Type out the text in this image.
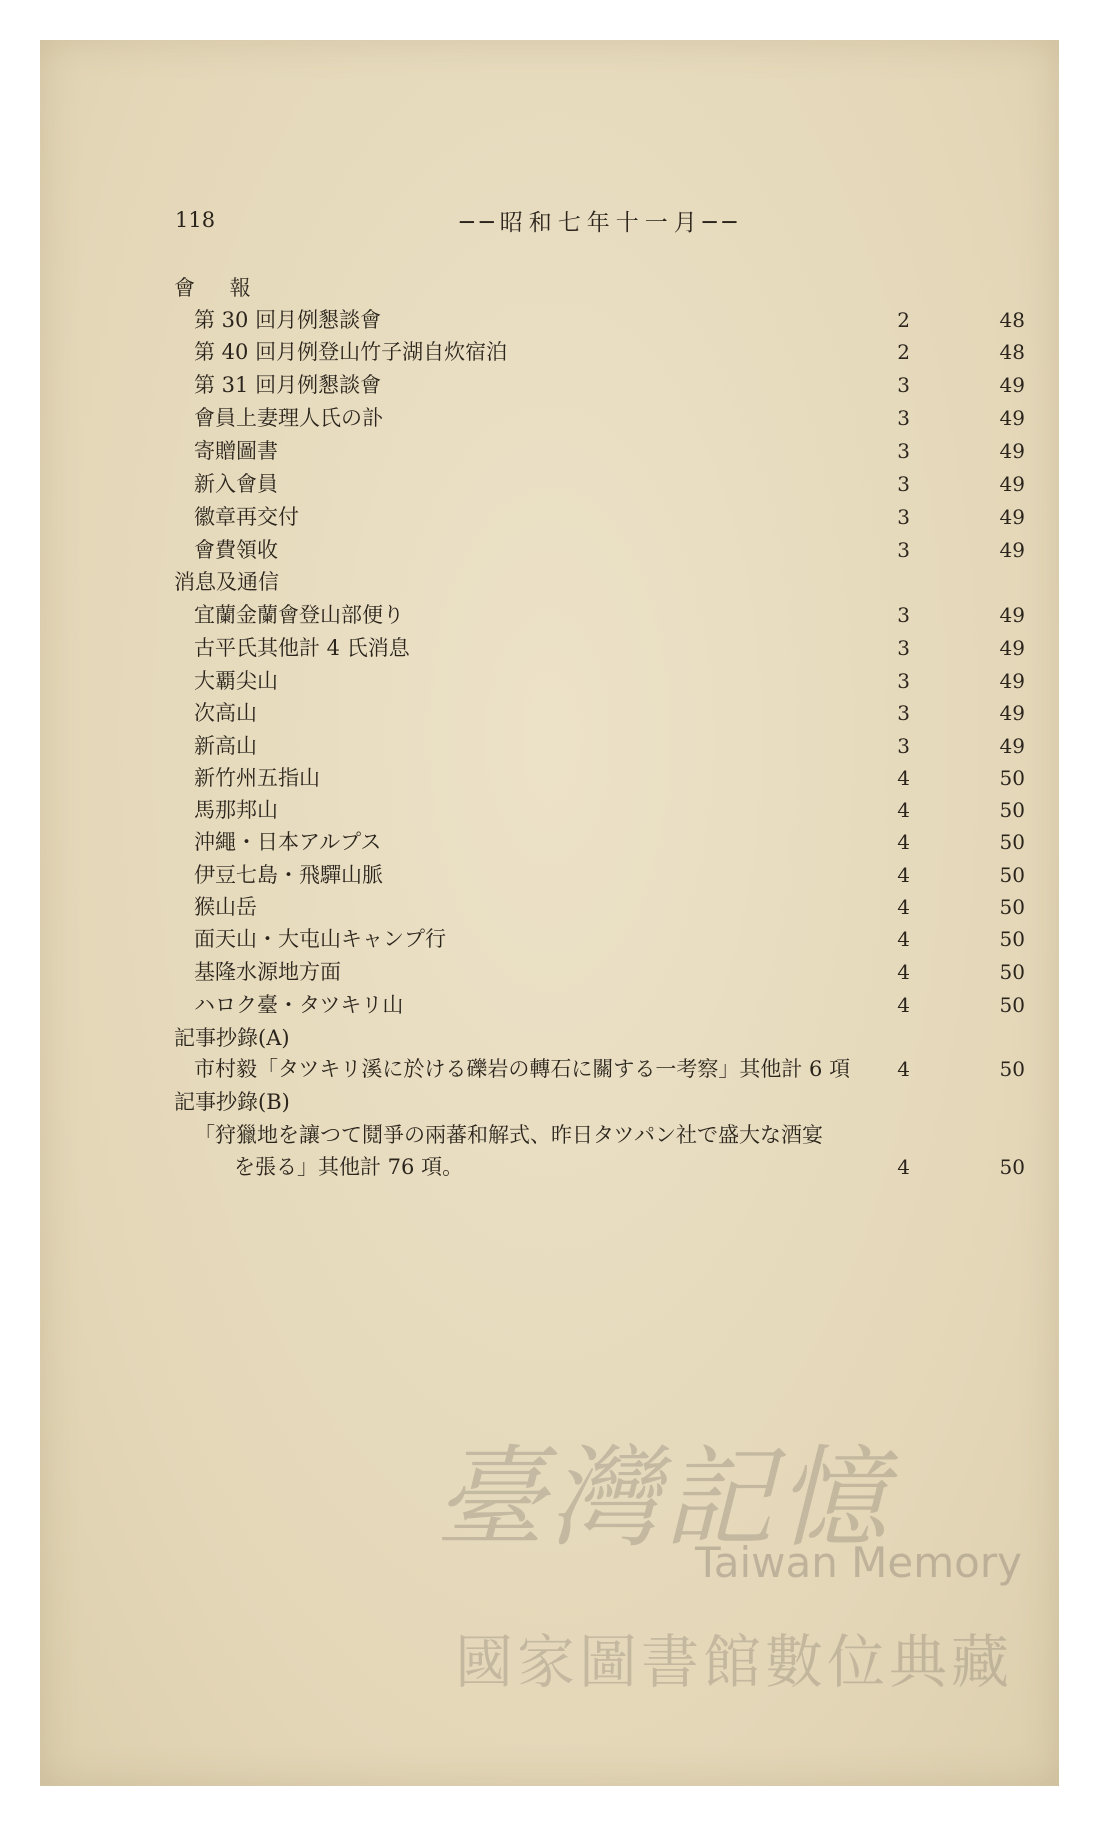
118	──昭和七年十一月──
會 報
第 30 回月例懇談會	2	48
第 40 回月例登山竹子湖自炊宿泊	2	48
第 31 回月例懇談會	3	49
會員上妻理人氏の訃	3	49
寄贈圖書	3	49
新入會員	3	49
徽章再交付	3	49
會費領收	3	49
消息及通信
宜蘭金蘭會登山部便り	3	49
古平氏其他計 4 氏消息	3	49
大覇尖山	3	49
次高山	3	49
新高山	3	49
新竹州五指山	4	50
馬那邦山	4	50
沖繩・日本アルプス	4	50
伊豆七島・飛驒山脈	4	50
猴山岳	4	50
面天山・大屯山キャンプ行	4	50
基隆水源地方面	4	50
ハロク臺・タツキリ山	4	50
記事抄錄(A)
市村毅「タツキリ溪に於ける礫岩の轉石に關する一考察」其他計 6 項	4	50
記事抄錄(B)
「狩獵地を讓つて鬩爭の兩蕃和解式、昨日タツパン社で盛大な酒宴
を張る」其他計 76 項。	4	50
臺灣記憶
Taiwan Memory
國家圖書館數位典藏
